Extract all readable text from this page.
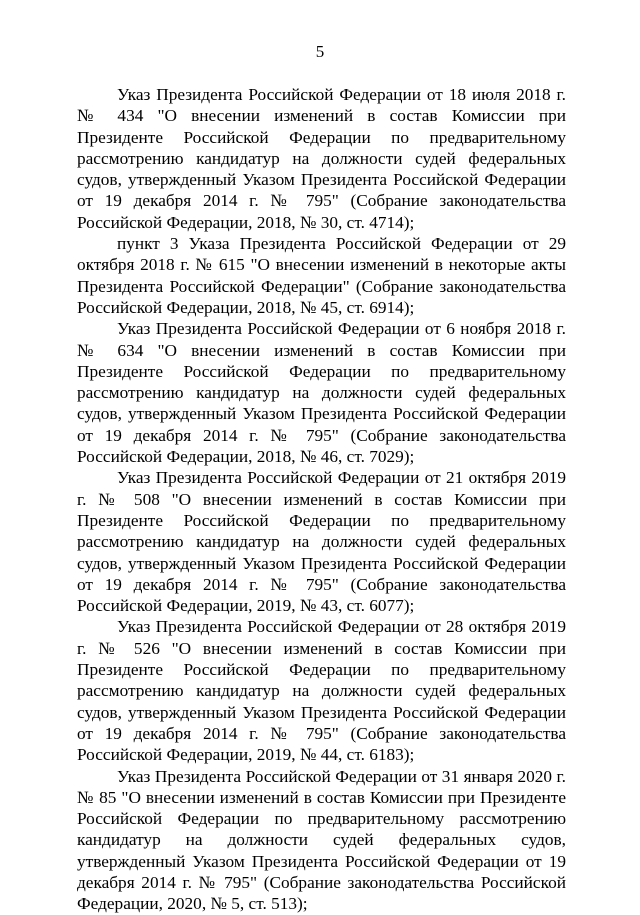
5

Указ Президента Российской Федерации от 18 июля 2018 г. № 434 "О внесении изменений в состав Комиссии при Президенте Российской Федерации по предварительному рассмотрению кандидатур на должности судей федеральных судов, утвержденный Указом Президента Российской Федерации от 19 декабря 2014 г. № 795" (Собрание законодательства Российской Федерации, 2018, № 30, ст. 4714);

пункт 3 Указа Президента Российской Федерации от 29 октября 2018 г. № 615 "О внесении изменений в некоторые акты Президента Российской Федерации" (Собрание законодательства Российской Федерации, 2018, № 45, ст. 6914);

Указ Президента Российской Федерации от 6 ноября 2018 г. № 634 "О внесении изменений в состав Комиссии при Президенте Российской Федерации по предварительному рассмотрению кандидатур на должности судей федеральных судов, утвержденный Указом Президента Российской Федерации от 19 декабря 2014 г. № 795" (Собрание законодательства Российской Федерации, 2018, № 46, ст. 7029);

Указ Президента Российской Федерации от 21 октября 2019 г. № 508 "О внесении изменений в состав Комиссии при Президенте Российской Федерации по предварительному рассмотрению кандидатур на должности судей федеральных судов, утвержденный Указом Президента Российской Федерации от 19 декабря 2014 г. № 795" (Собрание законодательства Российской Федерации, 2019, № 43, ст. 6077);

Указ Президента Российской Федерации от 28 октября 2019 г. № 526 "О внесении изменений в состав Комиссии при Президенте Российской Федерации по предварительному рассмотрению кандидатур на должности судей федеральных судов, утвержденный Указом Президента Российской Федерации от 19 декабря 2014 г. № 795" (Собрание законодательства Российской Федерации, 2019, № 44, ст. 6183);

Указ Президента Российской Федерации от 31 января 2020 г. № 85 "О внесении изменений в состав Комиссии при Президенте Российской Федерации по предварительному рассмотрению кандидатур на должности судей федеральных судов, утвержденный Указом Президента Российской Федерации от 19 декабря 2014 г. № 795" (Собрание законодательства Российской Федерации, 2020, № 5, ст. 513);
